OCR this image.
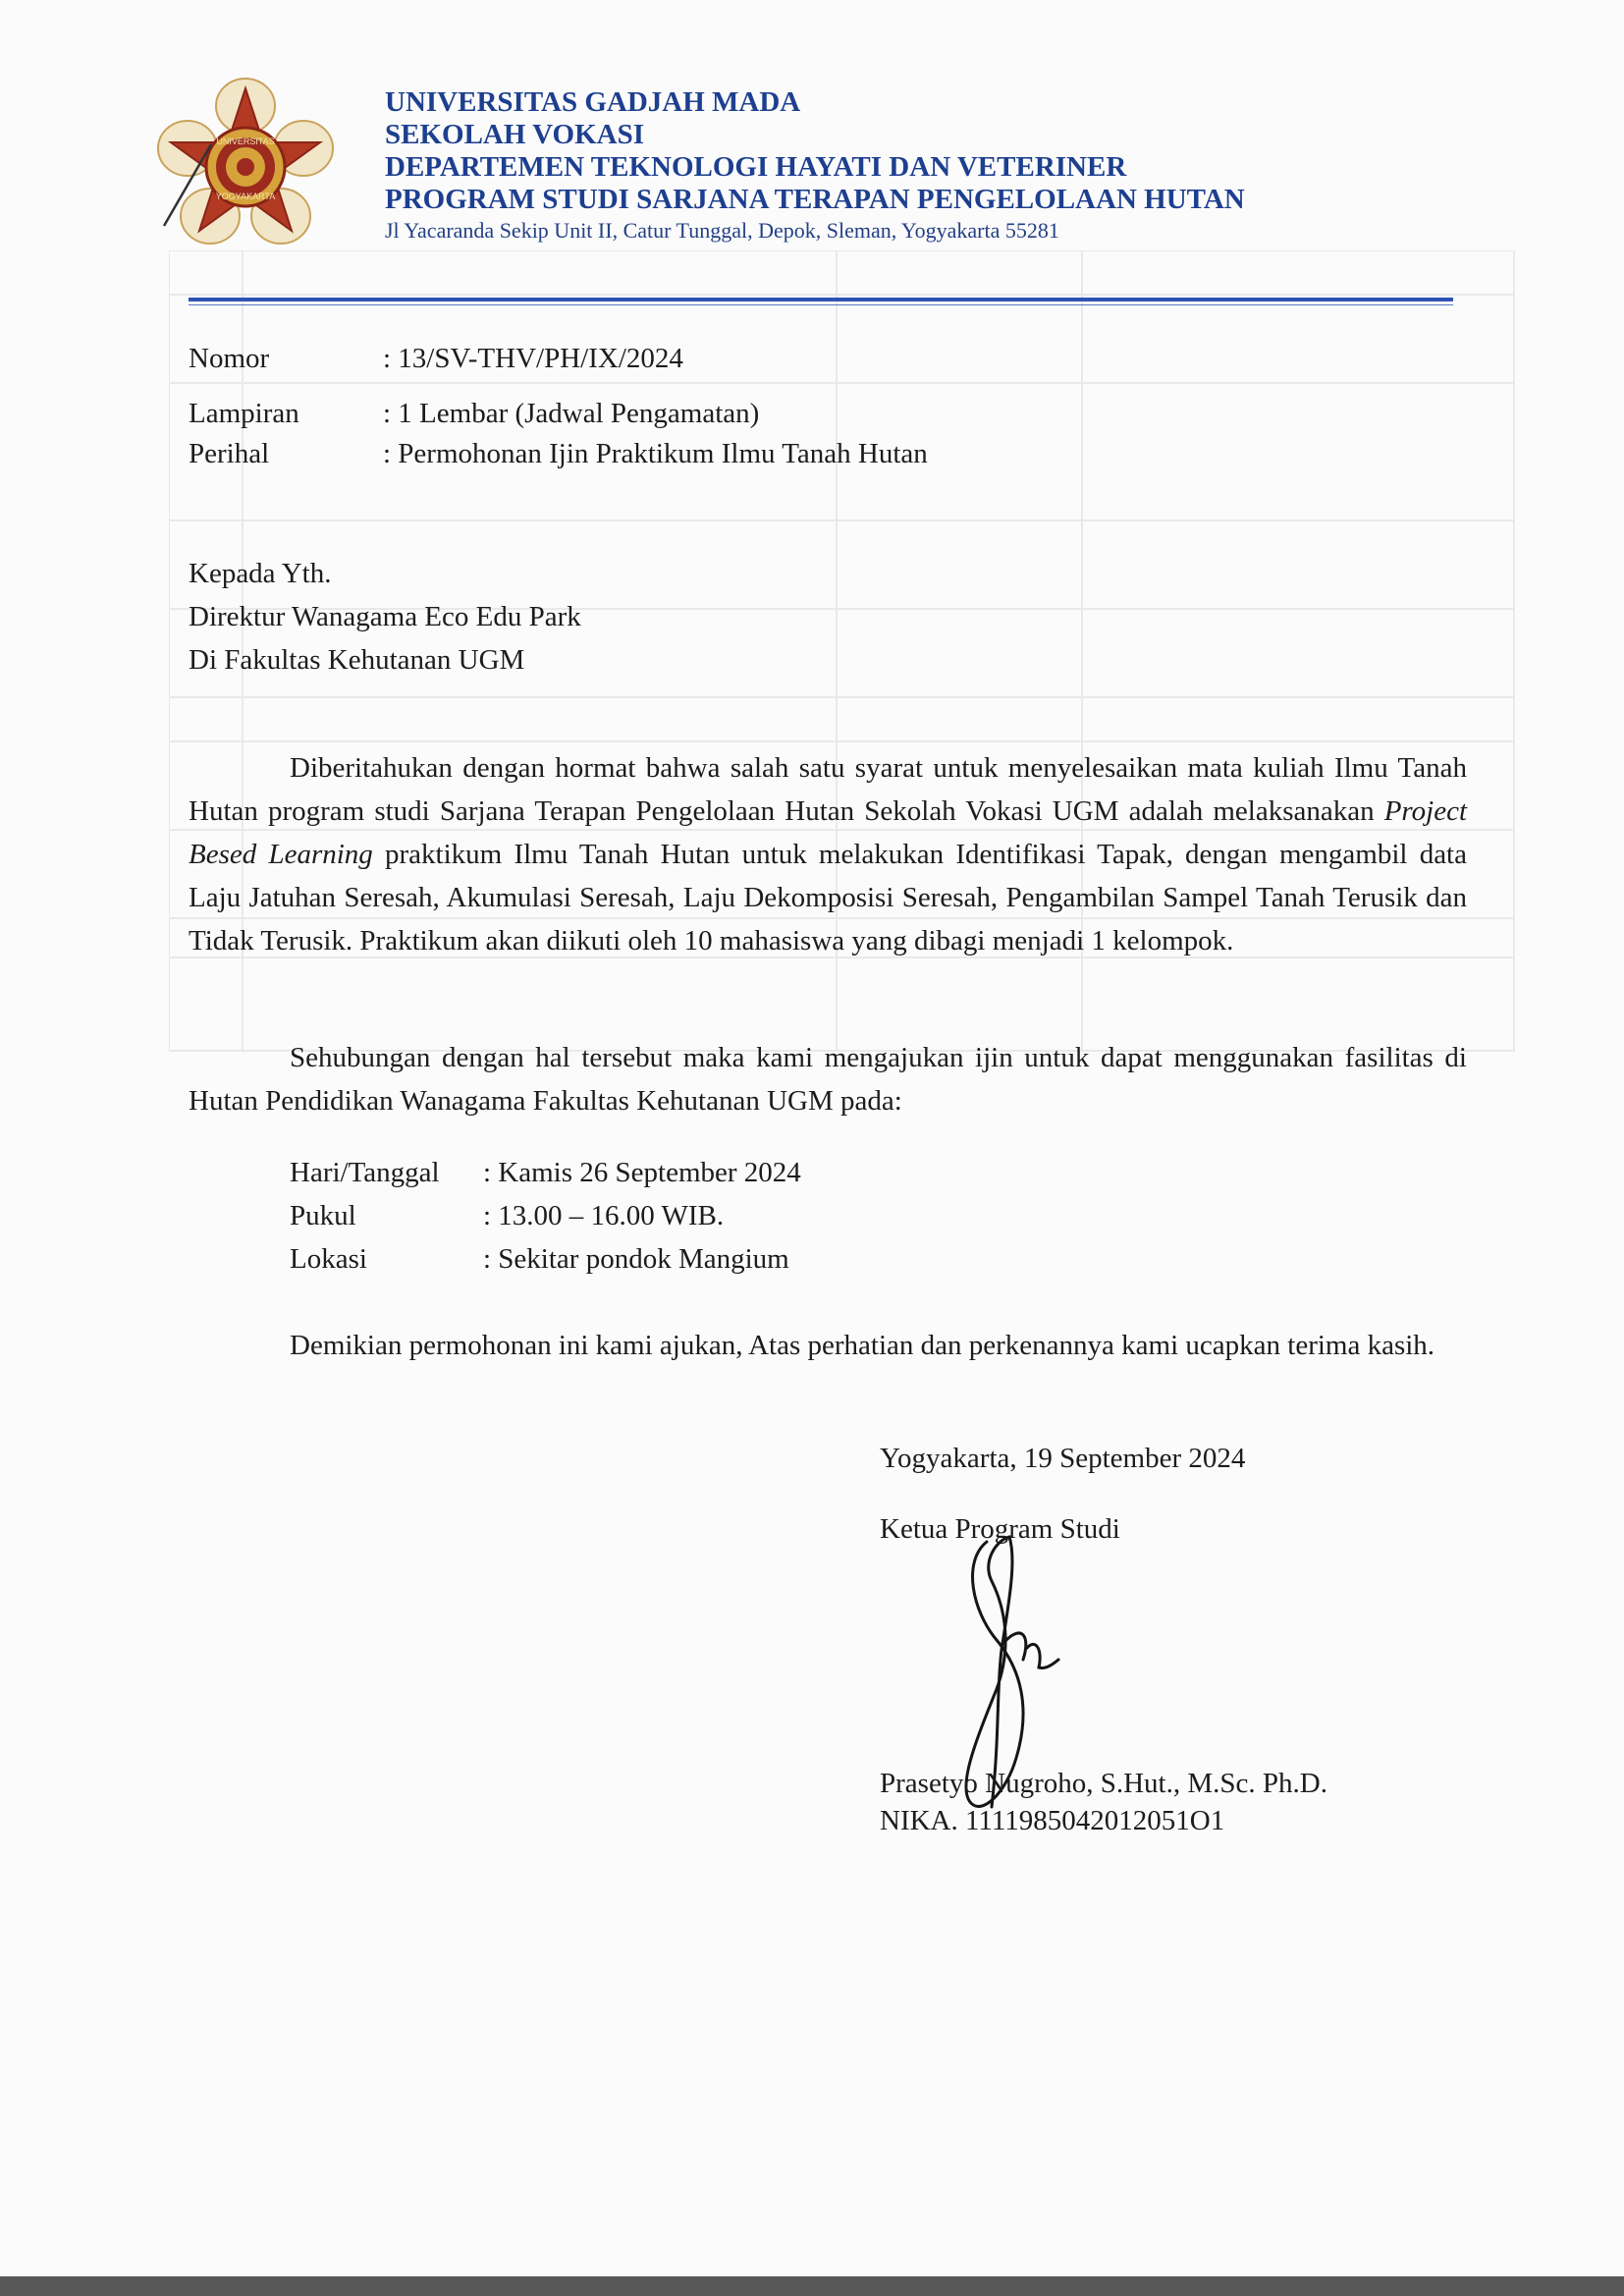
UNIVERSITAS
YOGYAKARTA
UNIVERSITAS GADJAH MADA
SEKOLAH VOKASI
DEPARTEMEN TEKNOLOGI HAYATI DAN VETERINER
PROGRAM STUDI SARJANA TERAPAN PENGELOLAAN HUTAN
Jl Yacaranda Sekip Unit II, Catur Tunggal, Depok, Sleman, Yogyakarta 55281
Nomor	: 13/SV-THV/PH/IX/2024
Lampiran	: 1 Lembar (Jadwal Pengamatan)
Perihal	: Permohonan Ijin Praktikum Ilmu Tanah Hutan
Kepada Yth.
Direktur Wanagama Eco Edu Park
Di Fakultas Kehutanan UGM
Diberitahukan dengan hormat bahwa salah satu syarat untuk menyelesaikan mata kuliah Ilmu Tanah Hutan program studi Sarjana Terapan Pengelolaan Hutan Sekolah Vokasi UGM adalah melaksanakan Project Besed Learning praktikum Ilmu Tanah Hutan untuk melakukan Identifikasi Tapak, dengan mengambil data Laju Jatuhan Seresah, Akumulasi Seresah, Laju Dekomposisi Seresah, Pengambilan Sampel Tanah Terusik dan Tidak Terusik. Praktikum akan diikuti oleh 10 mahasiswa yang dibagi menjadi 1 kelompok.
Sehubungan dengan hal tersebut maka kami mengajukan ijin untuk dapat menggunakan fasilitas di Hutan Pendidikan Wanagama Fakultas Kehutanan UGM pada:
Hari/Tanggal : Kamis 26 September 2024
Pukul	: 13.00 – 16.00 WIB.
Lokasi	: Sekitar pondok Mangium
Demikian permohonan ini kami ajukan, Atas perhatian dan perkenannya kami ucapkan terima kasih.
Yogyakarta, 19 September 2024
Ketua Program Studi
Prasetyo Nugroho, S.Hut., M.Sc. Ph.D.
NIKA. 1111985042012051O1
